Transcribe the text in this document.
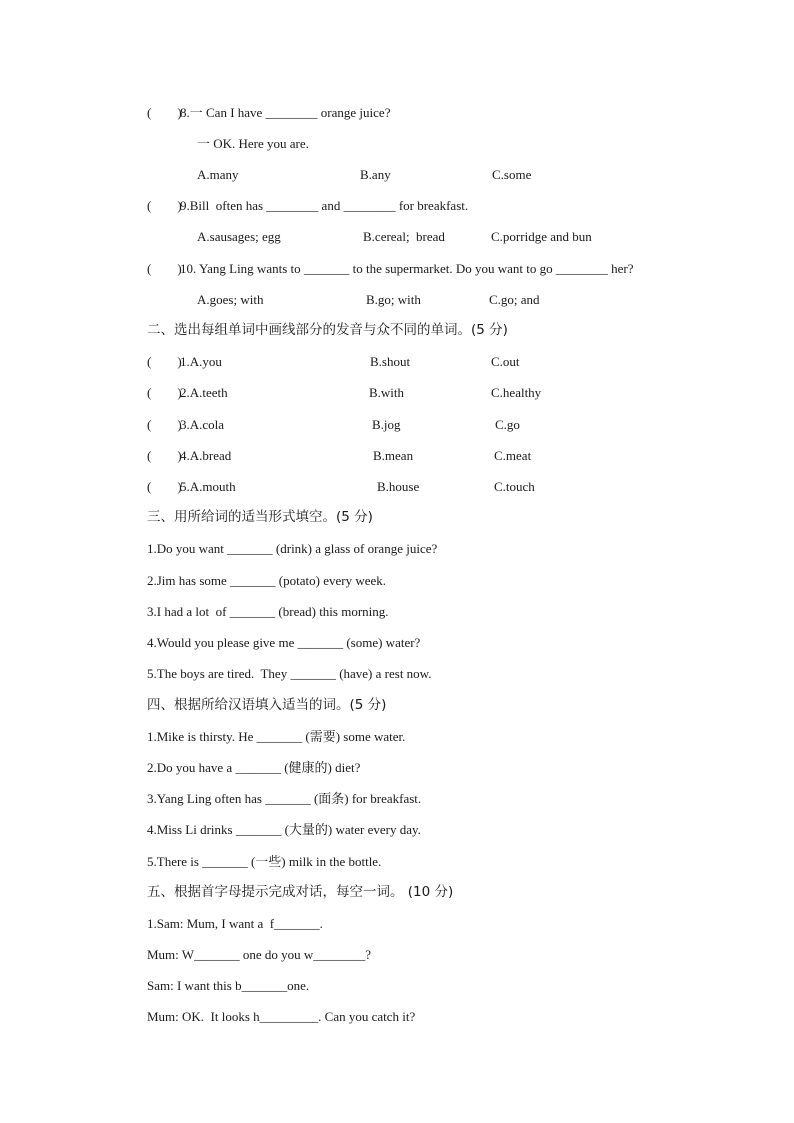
(        )
8.一 Can I have ________ orange juice?
一 OK. Here you are.
A.many	B.any	C.some
(        )
9.Bill  often has ________ and ________ for breakfast.
A.sausages; egg	B.cereal;  bread	C.porridge and bun
(        )
10. Yang Ling wants to _______ to the supermarket. Do you want to go ________ her?
A.goes; with	B.go; with	C.go; and
二、选出每组单词中画线部分的发音与众不同的单词。(5 分)
(        )
1.A.you	B.shout	C.out
(        )
2.A.teeth	B.with	C.healthy
(        )
3.A.cola	B.jog	C.go
(        )
4.A.bread	B.mean	C.meat
(        )
5.A.mouth	B.house	C.touch
三、用所给词的适当形式填空。(5 分)
1.Do you want _______ (drink) a glass of orange juice?
2.Jim has some _______ (potato) every week.
3.I had a lot  of _______ (bread) this morning.
4.Would you please give me _______ (some) water?
5.The boys are tired.  They _______ (have) a rest now.
四、根据所给汉语填入适当的词。(5 分)
1.Mike is thirsty. He _______ (需要) some water.
2.Do you have a _______ (健康的) diet?
3.Yang Ling often has _______ (面条) for breakfast.
4.Miss Li drinks _______ (大量的) water every day.
5.There is _______ (一些) milk in the bottle.
五、根据首字母提示完成对话，每空一词。 (10 分)
1.Sam: Mum, I want a  f_______.
Mum: W_______ one do you w________?
Sam: I want this b_______one.
Mum: OK.  It looks h_________. Can you catch it?
